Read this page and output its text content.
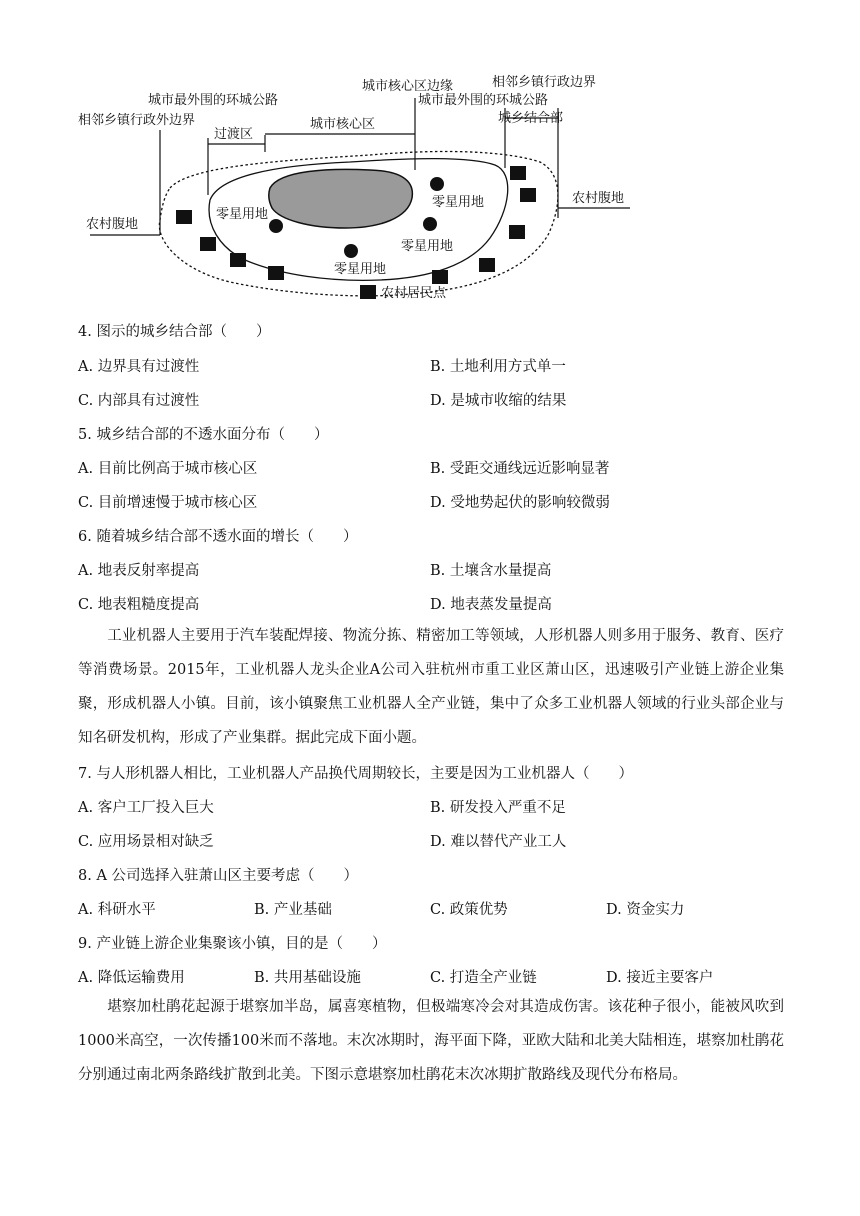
城市最外围的环城公路
相邻乡镇行政外边界
过渡区
城市核心区
城市核心区边缘
城市最外围的环城公路
相邻乡镇行政边界
城乡结合部
农村腹地
农村腹地
零星用地
零星用地
零星用地
零星用地
农村居民点
4. 图示的城乡结合部（　　）
A. 边界具有过渡性	B. 土地利用方式单一
C. 内部具有过渡性	D. 是城市收缩的结果
5. 城乡结合部的不透水面分布（　　）
A. 目前比例高于城市核心区	B. 受距交通线远近影响显著
C. 目前增速慢于城市核心区	D. 受地势起伏的影响较微弱
6. 随着城乡结合部不透水面的增长（　　）
A. 地表反射率提高	B. 土壤含水量提高
C. 地表粗糙度提高	D. 地表蒸发量提高
工业机器人主要用于汽车装配焊接、物流分拣、精密加工等领域，人形机器人则多用于服务、教育、医疗等消费场景。2015年，工业机器人龙头企业A公司入驻杭州市重工业区萧山区，迅速吸引产业链上游企业集聚，形成机器人小镇。目前，该小镇聚焦工业机器人全产业链，集中了众多工业机器人领域的行业头部企业与知名研发机构，形成了产业集群。据此完成下面小题。
7. 与人形机器人相比，工业机器人产品换代周期较长，主要是因为工业机器人（　　）
A. 客户工厂投入巨大	B. 研发投入严重不足
C. 应用场景相对缺乏	D. 难以替代产业工人
8. A 公司选择入驻萧山区主要考虑（　　）
A. 科研水平	B. 产业基础	C. 政策优势	D. 资金实力
9. 产业链上游企业集聚该小镇，目的是（　　）
A. 降低运输费用	B. 共用基础设施	C. 打造全产业链	D. 接近主要客户
堪察加杜鹃花起源于堪察加半岛，属喜寒植物，但极端寒冷会对其造成伤害。该花种子很小，能被风吹到1000米高空，一次传播100米而不落地。末次冰期时，海平面下降，亚欧大陆和北美大陆相连，堪察加杜鹃花分别通过南北两条路线扩散到北美。下图示意堪察加杜鹃花末次冰期扩散路线及现代分布格局。
